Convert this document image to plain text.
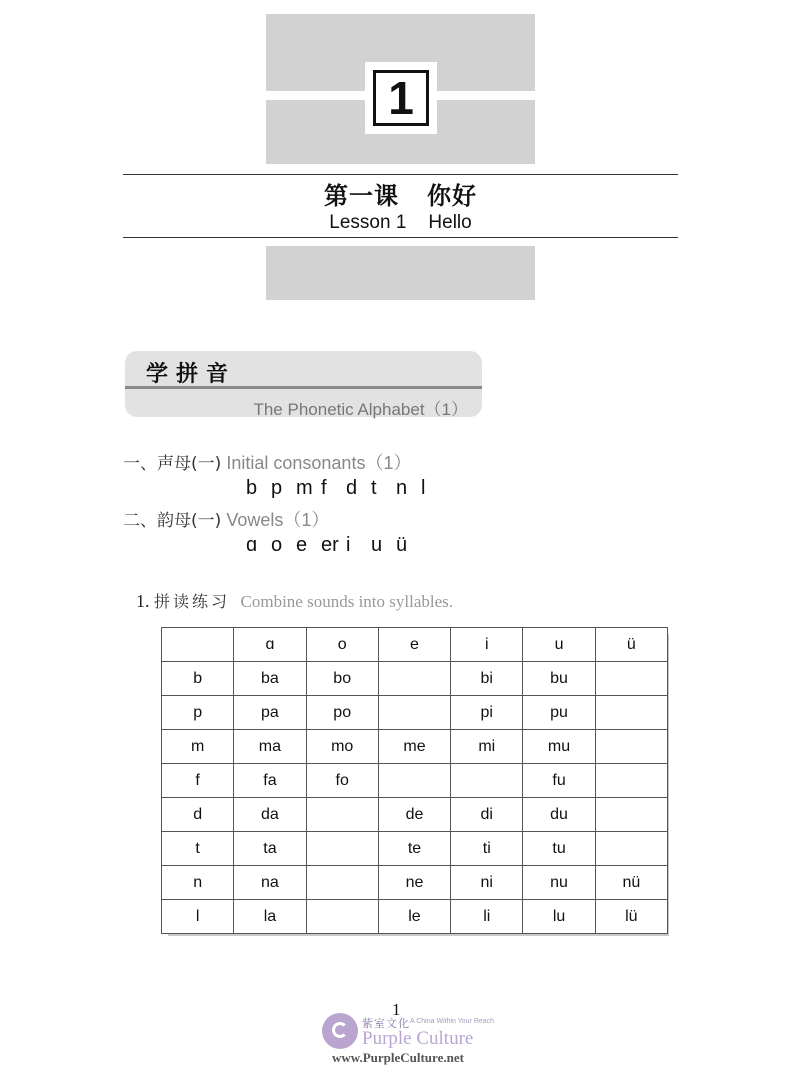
1
第一课 你好
Lesson 1 Hello
学拼音
The Phonetic Alphabet（1）
一、声母(一) Initial consonants（1）
b p m f d t n l
二、韵母(一) Vowels（1）
ɑ o e er i	u ü
1. 拼读练习 Combine sounds into syllables.
	ɑ	o	e	i	u	ü
b	ba	bo		bi	bu	
p	pa	po		pi	pu	
m	ma	mo	me	mi	mu	
f	fa	fo			fu	
d	da		de	di	du	
t	ta		te	ti	tu	
n	na		ne	ni	nu	nü
l	la		le	li	lu	lü
1
紫室文化 A China Within Your Reach
Purple Culture
www.PurpleCulture.net
